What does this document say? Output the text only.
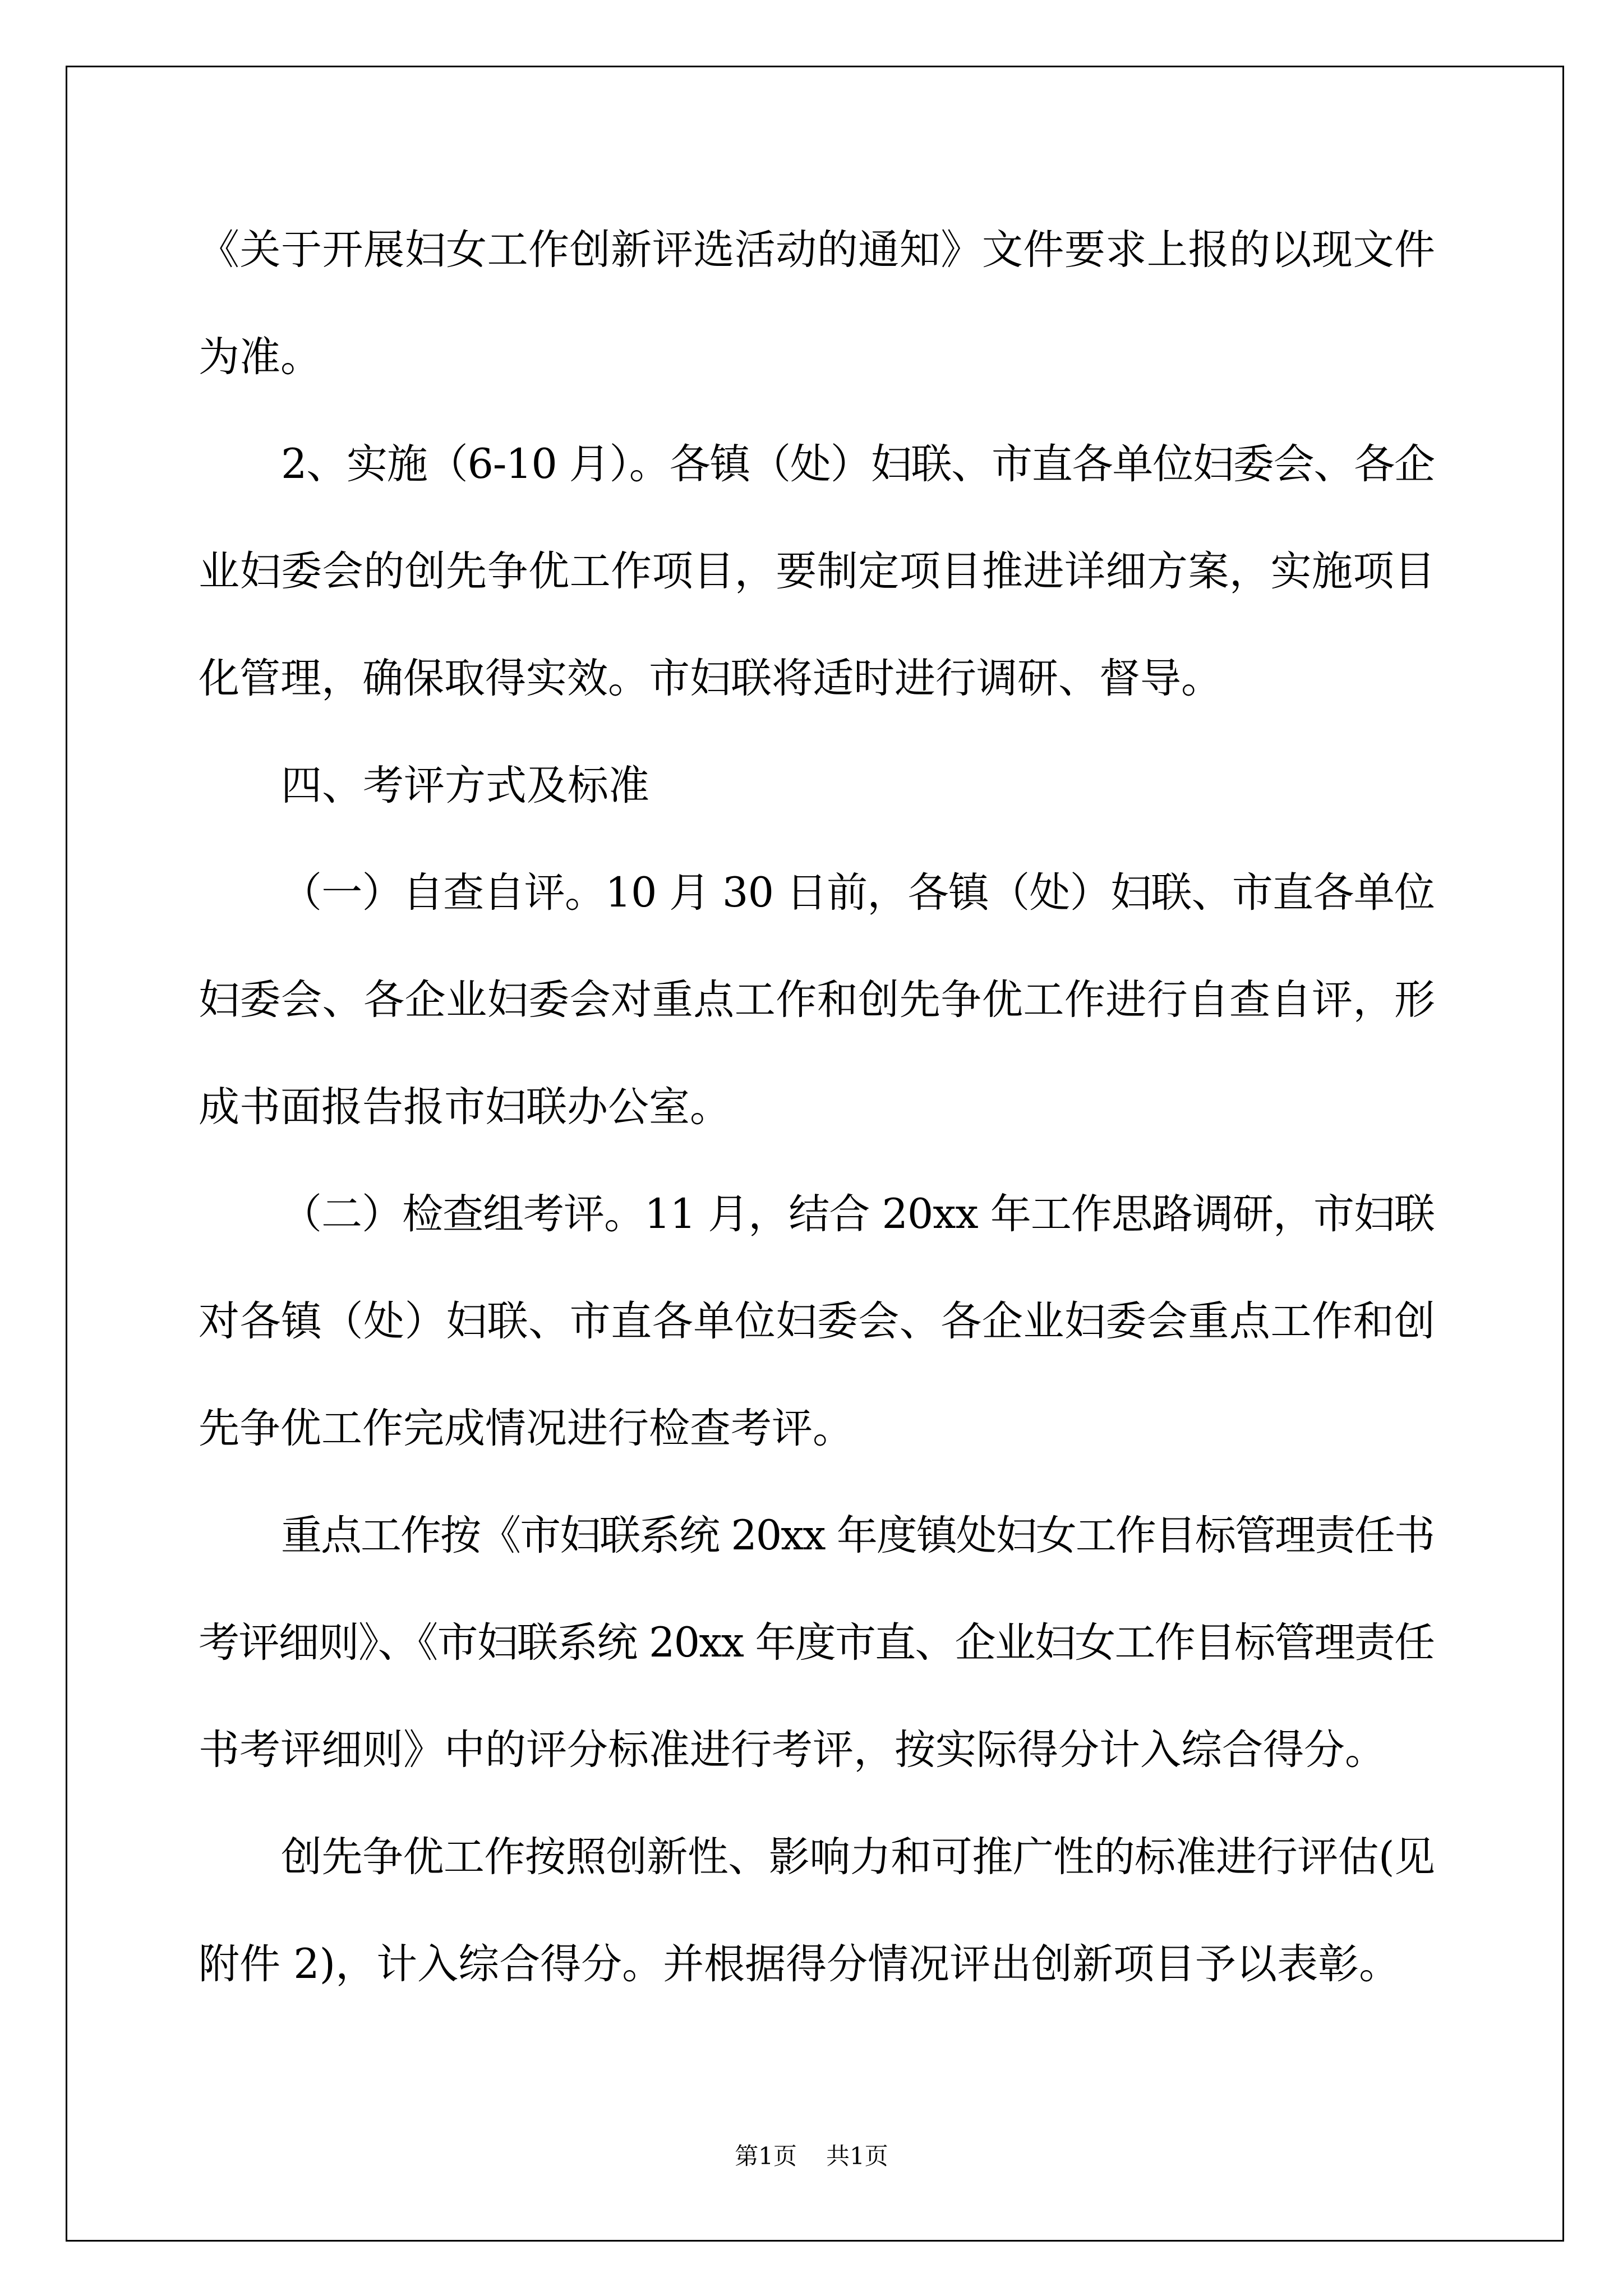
《关于开展妇女工作创新评选活动的通知》文件要求上报的以现文件
为准。
2、实施（6-10 月）。各镇（处）妇联、市直各单位妇委会、各企
业妇委会的创先争优工作项目，要制定项目推进详细方案，实施项目
化管理，确保取得实效。市妇联将适时进行调研、督导。
四、考评方式及标准
（一）自查自评。10 月 30 日前，各镇（处）妇联、市直各单位
妇委会、各企业妇委会对重点工作和创先争优工作进行自查自评，形
成书面报告报市妇联办公室。
（二）检查组考评。11 月，结合 20xx 年工作思路调研，市妇联
对各镇（处）妇联、市直各单位妇委会、各企业妇委会重点工作和创
先争优工作完成情况进行检查考评。
重点工作按《市妇联系统 20xx 年度镇处妇女工作目标管理责任书
考评细则》、《市妇联系统 20xx 年度市直、企业妇女工作目标管理责任
书考评细则》中的评分标准进行考评，按实际得分计入综合得分。
创先争优工作按照创新性、影响力和可推广性的标准进行评估(见
附件 2)，计入综合得分。并根据得分情况评出创新项目予以表彰。
第1页 共1页
